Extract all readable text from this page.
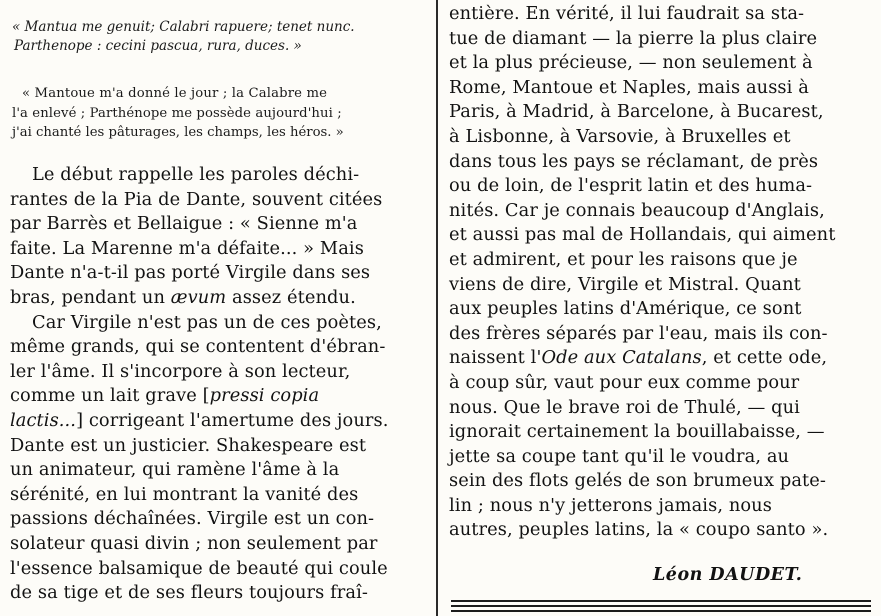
« Mantua me genuit; Calabri rapuere; tenet nunc.
Parthenope : cecini pascua, rura, duces. »
« Mantoue m'a donné le jour ; la Calabre me
l'a enlevé ; Parthénope me possède aujourd'hui ;
j'ai chanté les pâturages, les champs, les héros. »
Le début rappelle les paroles déchi-
rantes de la Pia de Dante, souvent citées
par Barrès et Bellaigue : « Sienne m'a
faite. La Marenne m'a défaite... » Mais
Dante n'a-t-il pas porté Virgile dans ses
bras, pendant un ævum assez étendu.
Car Virgile n'est pas un de ces poètes,
même grands, qui se contentent d'ébran-
ler l'âme. Il s'incorpore à son lecteur,
comme un lait grave [pressi copia
lactis...] corrigeant l'amertume des jours.
Dante est un justicier. Shakespeare est
un animateur, qui ramène l'âme à la
sérénité, en lui montrant la vanité des
passions déchaînées. Virgile est un con-
solateur quasi divin ; non seulement par
l'essence balsamique de beauté qui coule
de sa tige et de ses fleurs toujours fraî-
entière. En vérité, il lui faudrait sa sta-
tue de diamant — la pierre la plus claire
et la plus précieuse, — non seulement à
Rome, Mantoue et Naples, mais aussi à
Paris, à Madrid, à Barcelone, à Bucarest,
à Lisbonne, à Varsovie, à Bruxelles et
dans tous les pays se réclamant, de près
ou de loin, de l'esprit latin et des huma-
nités. Car je connais beaucoup d'Anglais,
et aussi pas mal de Hollandais, qui aiment
et admirent, et pour les raisons que je
viens de dire, Virgile et Mistral. Quant
aux peuples latins d'Amérique, ce sont
des frères séparés par l'eau, mais ils con-
naissent l'Ode aux Catalans, et cette ode,
à coup sûr, vaut pour eux comme pour
nous. Que le brave roi de Thulé, — qui
ignorait certainement la bouillabaisse, —
jette sa coupe tant qu'il le voudra, au
sein des flots gelés de son brumeux pate-
lin ; nous n'y jetterons jamais, nous
autres, peuples latins, la « coupo santo ».
Léon DAUDET.
